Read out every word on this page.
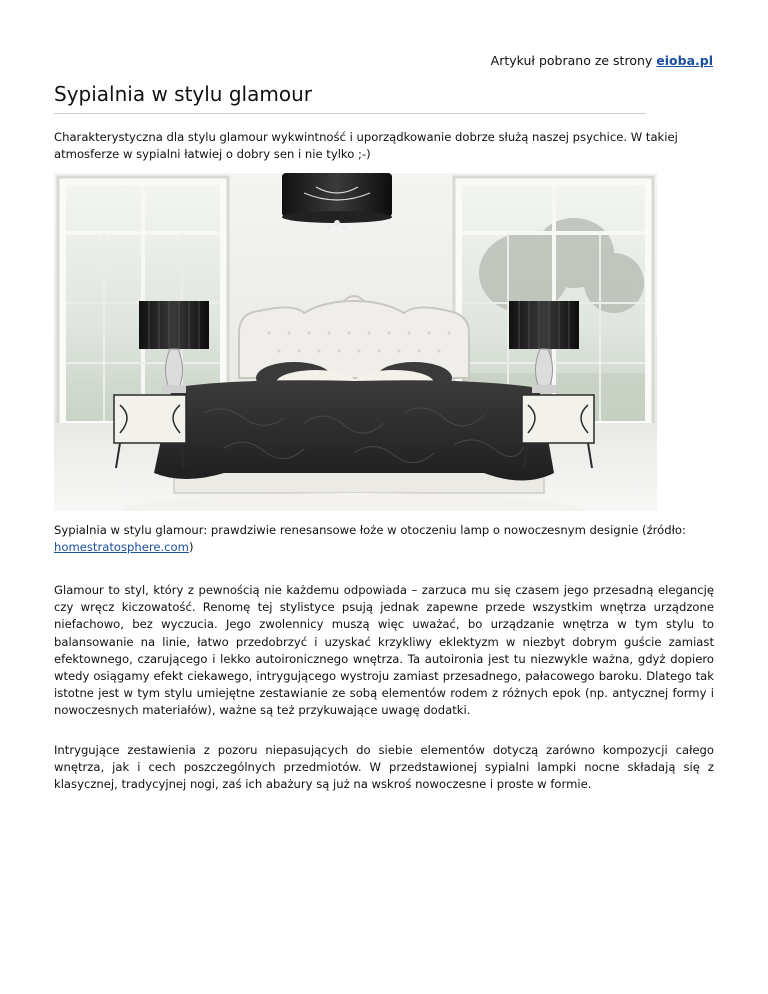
Artykuł pobrano ze strony eioba.pl
Sypialnia w stylu glamour

Charakterystyczna dla stylu glamour wykwintność i uporządkowanie dobrze służą naszej psychice. W takiej atmosferze w sypialni łatwiej o dobry sen i nie tylko ;-)

Sypialnia w stylu glamour: prawdziwie renesansowe łoże w otoczeniu lamp o nowoczesnym designie (źródło: homestratosphere.com)

Glamour to styl, który z pewnością nie każdemu odpowiada – zarzuca mu się czasem jego przesadną elegancję czy wręcz kiczowatość. Renomę tej stylistyce psują jednak zapewne przede wszystkim wnętrza urządzone niefachowo, bez wyczucia. Jego zwolennicy muszą więc uważać, bo urządzanie wnętrza w tym stylu to balansowanie na linie, łatwo przedobrzyć i uzyskać krzykliwy eklektyzm w niezbyt dobrym guście zamiast efektownego, czarującego i lekko autoironicznego wnętrza. Ta autoironia jest tu niezwykle ważna, gdyż dopiero wtedy osiągamy efekt ciekawego, intrygującego wystroju zamiast przesadnego, pałacowego baroku. Dlatego tak istotne jest w tym stylu umiejętne zestawianie ze sobą elementów rodem z różnych epok (np. antycznej formy i nowoczesnych materiałów), ważne są też przykuwające uwagę dodatki.

Intrygujące zestawienia z pozoru niepasujących do siebie elementów dotyczą zarówno kompozycji całego wnętrza, jak i cech poszczególnych przedmiotów. W przedstawionej sypialni lampki nocne składają się z klasycznej, tradycyjnej nogi, zaś ich abażury są już na wskroś nowoczesne i proste w formie.
